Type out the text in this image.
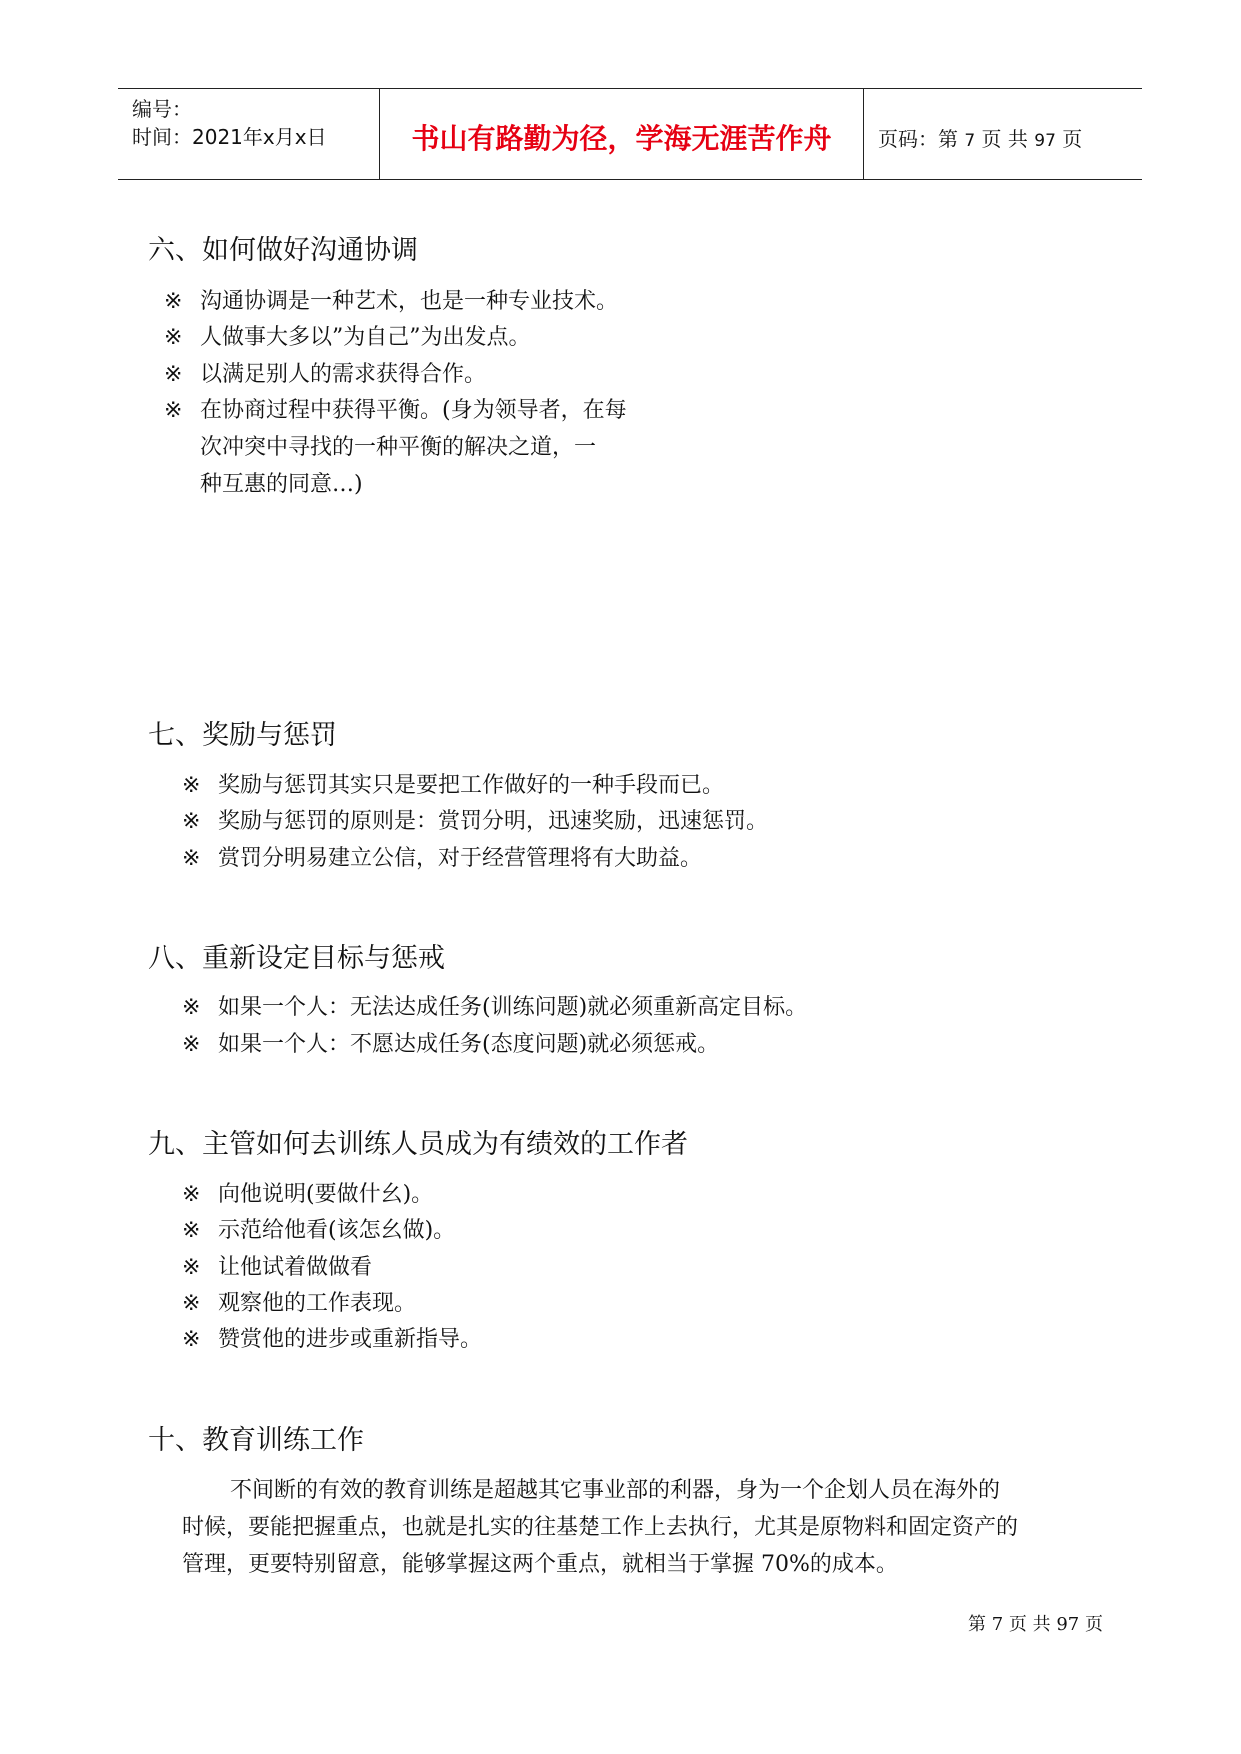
编号：
时间：2021年x月x日	书山有路勤为径，学海无涯苦作舟	页码：第 7 页 共 97 页
六、如何做好沟通协调
※ 沟通协调是一种艺术，也是一种专业技术。
※ 人做事大多以”为自己”为出发点。
※ 以满足别人的需求获得合作。
※ 在协商过程中获得平衡。(身为领导者，在每
次冲突中寻找的一种平衡的解决之道，一
种互惠的同意…)
七、奖励与惩罚
※ 奖励与惩罚其实只是要把工作做好的一种手段而已。
※ 奖励与惩罚的原则是：赏罚分明，迅速奖励，迅速惩罚。
※ 赏罚分明易建立公信，对于经营管理将有大助益。
八、重新设定目标与惩戒
※ 如果一个人：无法达成任务(训练问题)就必须重新高定目标。
※ 如果一个人：不愿达成任务(态度问题)就必须惩戒。
九、主管如何去训练人员成为有绩效的工作者
※ 向他说明(要做什幺)。
※ 示范给他看(该怎幺做)。
※ 让他试着做做看
※ 观察他的工作表现。
※ 赞赏他的进步或重新指导。
十、教育训练工作
不间断的有效的教育训练是超越其它事业部的利器，身为一个企划人员在海外的
时候，要能把握重点，也就是扎实的往基楚工作上去执行，尤其是原物料和固定资产的
管理，更要特别留意，能够掌握这两个重点，就相当于掌握 70%的成本。
第 7 页 共 97 页
